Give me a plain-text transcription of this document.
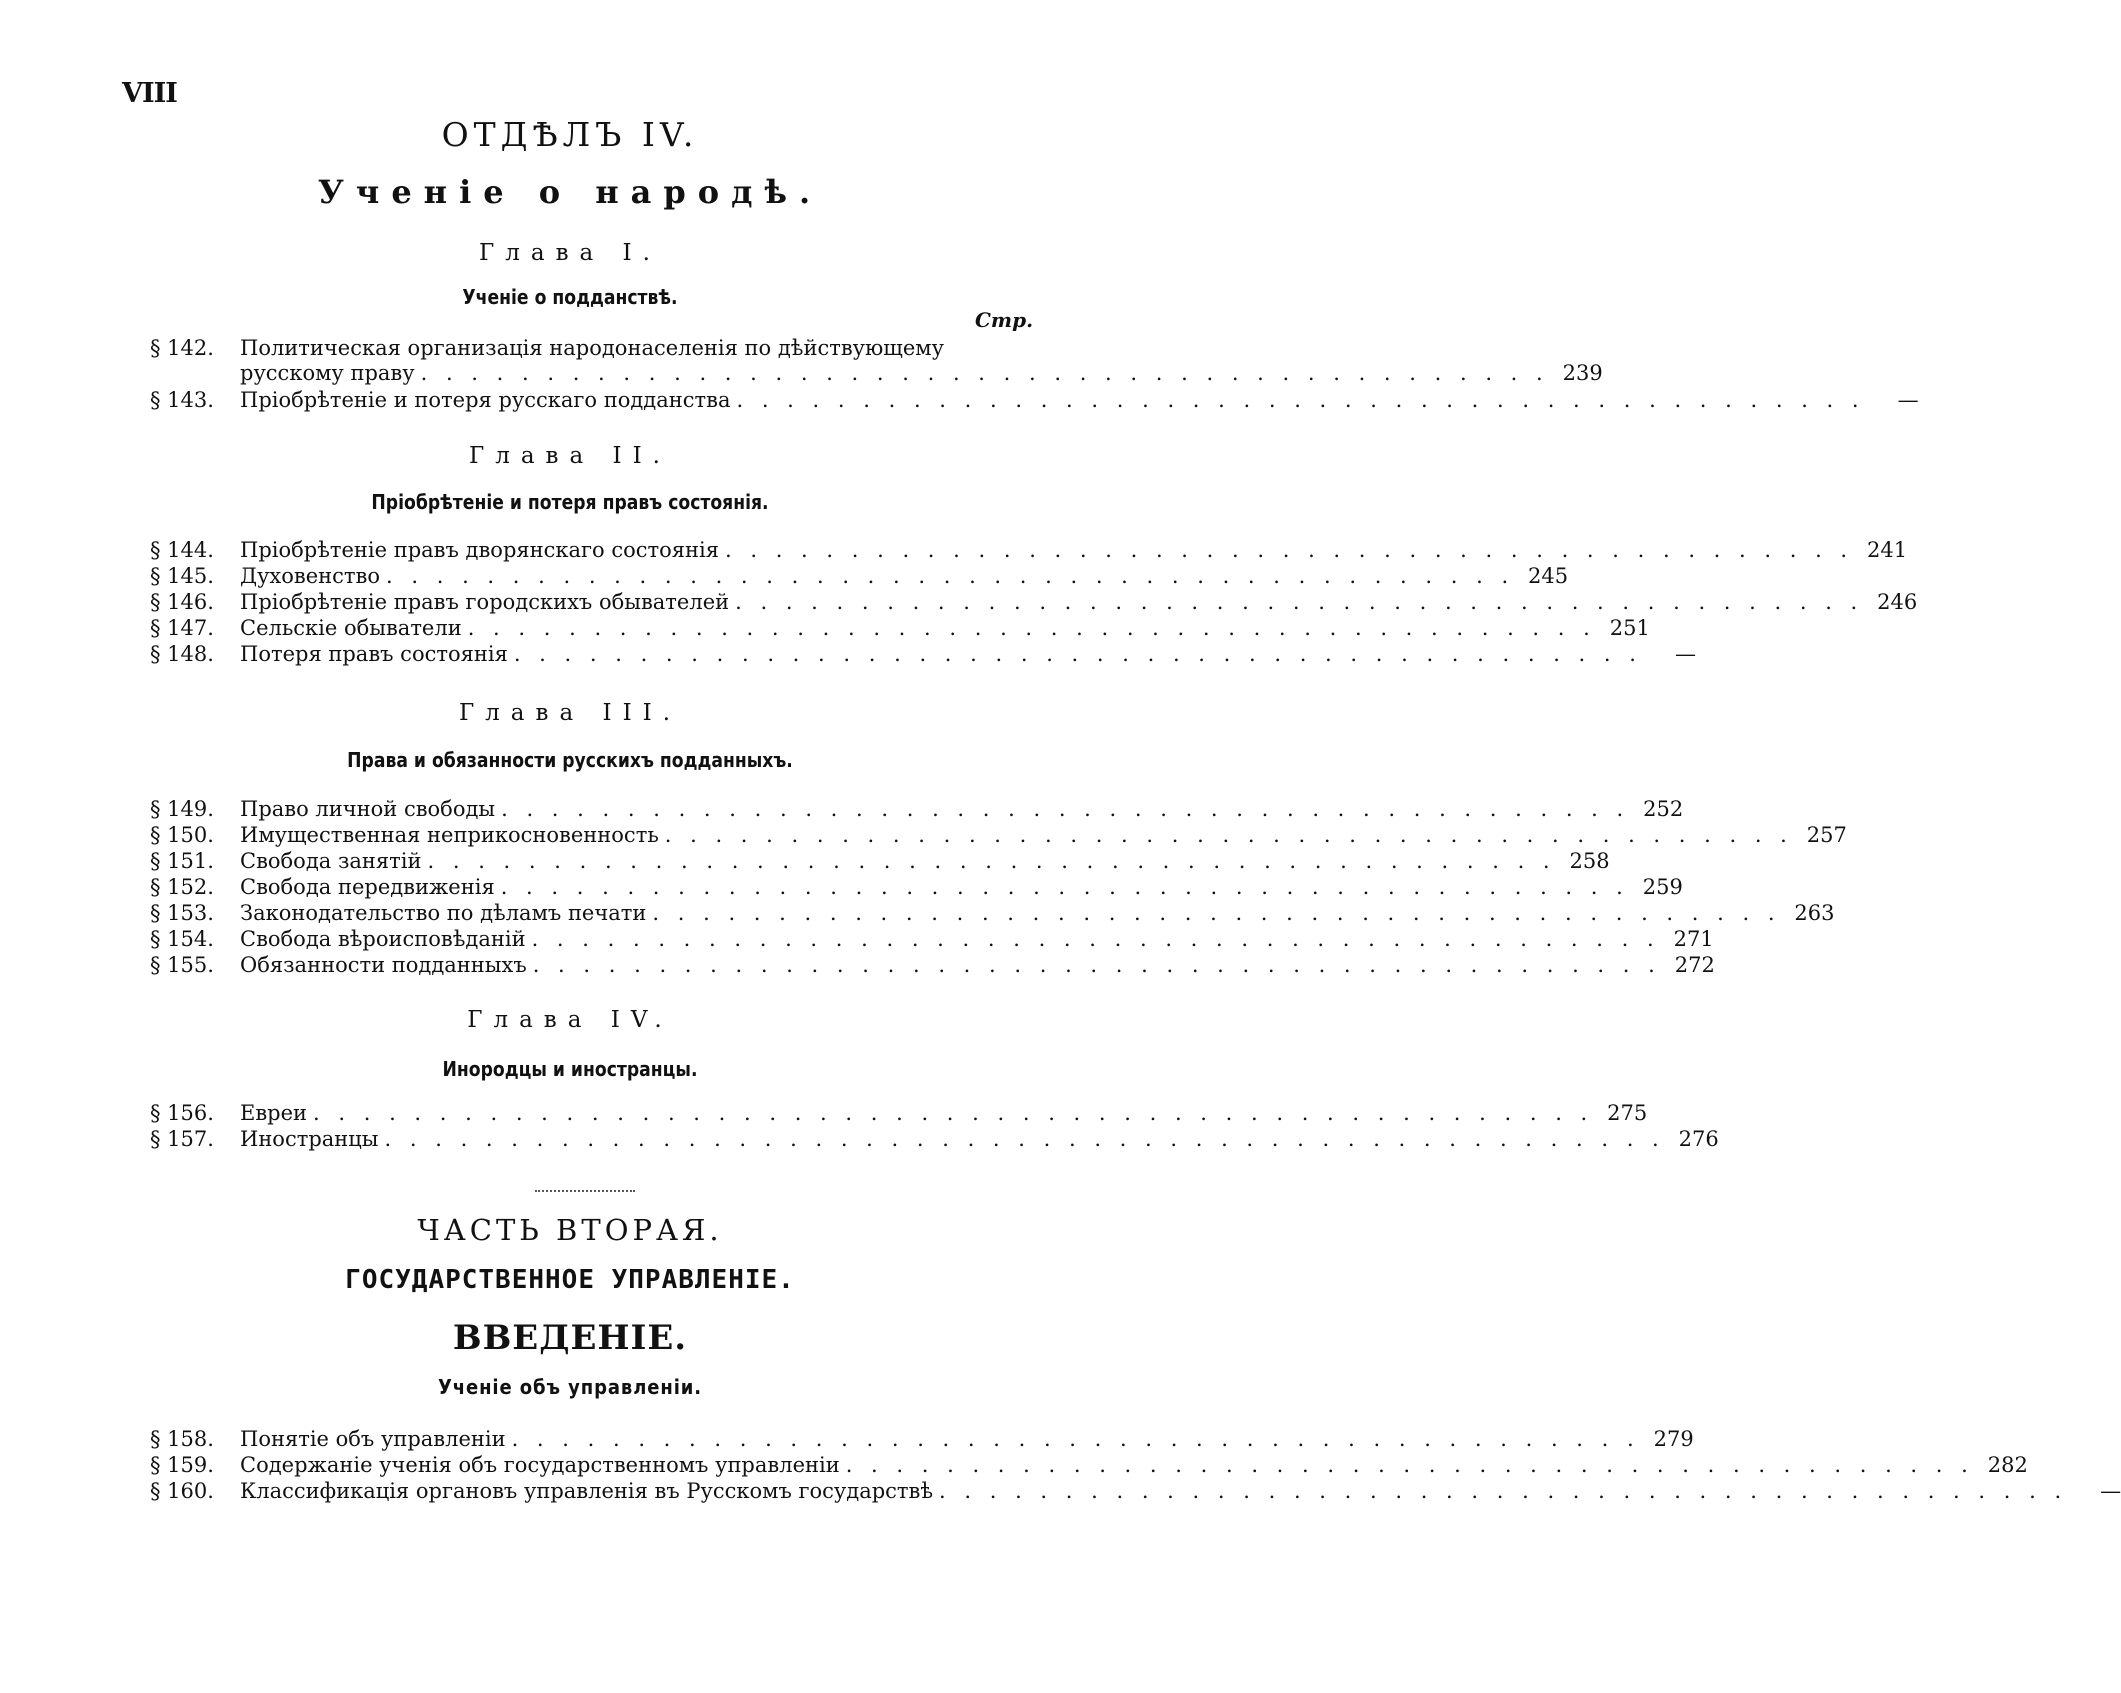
VIII
ОТДѢЛЪ IV.
Ученіе о народѣ.
Глава I.
Ученіе о подданствѣ.
Стр.
§ 142.	Политическая организація народонаселенія по дѣйствующему
русскому праву . . . . . . . . . . . . . . . . . . . . . . . . . . . . . . . . . . . . . . . . . . . . . 239
§ 143.	Пріобрѣтеніе и потеря русскаго подданства . . . . . . . . . . . . . . . . . . . . . . . . . . . . . . . . . . . . . . . . . . . . .	—
Глава II.
Пріобрѣтеніе и потеря правъ состоянія.
§ 144.	Пріобрѣтеніе правъ дворянскаго состоянія . . . . . . . . . . . . . . . . . . . . . . . . . . . . . . . . . . . . . . . . . . . . . 241
§ 145.	Духовенство . . . . . . . . . . . . . . . . . . . . . . . . . . . . . . . . . . . . . . . . . . . . . 245
§ 146.	Пріобрѣтеніе правъ городскихъ обывателей . . . . . . . . . . . . . . . . . . . . . . . . . . . . . . . . . . . . . . . . . . . . . 246
§ 147.	Сельскіе обыватели . . . . . . . . . . . . . . . . . . . . . . . . . . . . . . . . . . . . . . . . . . . . . 251
§ 148.	Потеря правъ состоянія . . . . . . . . . . . . . . . . . . . . . . . . . . . . . . . . . . . . . . . . . . . . .	—
Глава III.
Права и обязанности русскихъ подданныхъ.
§ 149.	Право личной свободы . . . . . . . . . . . . . . . . . . . . . . . . . . . . . . . . . . . . . . . . . . . . . 252
§ 150.	Имущественная неприкосновенность . . . . . . . . . . . . . . . . . . . . . . . . . . . . . . . . . . . . . . . . . . . . . 257
§ 151.	Свобода занятій . . . . . . . . . . . . . . . . . . . . . . . . . . . . . . . . . . . . . . . . . . . . . 258
§ 152.	Свобода передвиженія . . . . . . . . . . . . . . . . . . . . . . . . . . . . . . . . . . . . . . . . . . . . . 259
§ 153.	Законодательство по дѣламъ печати . . . . . . . . . . . . . . . . . . . . . . . . . . . . . . . . . . . . . . . . . . . . . 263
§ 154.	Свобода вѣроисповѣданій . . . . . . . . . . . . . . . . . . . . . . . . . . . . . . . . . . . . . . . . . . . . . 271
§ 155.	Обязанности подданныхъ . . . . . . . . . . . . . . . . . . . . . . . . . . . . . . . . . . . . . . . . . . . . . 272
Глава IV.
Инородцы и иностранцы.
§ 156.	Евреи . . . . . . . . . . . . . . . . . . . . . . . . . . . . . . . . . . . . . . . . . . . . . . . . . . . 275
§ 157.	Иностранцы . . . . . . . . . . . . . . . . . . . . . . . . . . . . . . . . . . . . . . . . . . . . . . . . . . . 276
ЧАСТЬ ВТОРАЯ.
ГОСУДАРСТВЕННОЕ УПРАВЛЕНІЕ.
ВВЕДЕНІЕ.
Ученіе объ управленіи.
§ 158.	Понятіе объ управленіи . . . . . . . . . . . . . . . . . . . . . . . . . . . . . . . . . . . . . . . . . . . . . 279
§ 159.	Содержаніе ученія объ государственномъ управленіи . . . . . . . . . . . . . . . . . . . . . . . . . . . . . . . . . . . . . . . . . . . . . 282
§ 160.	Классификація органовъ управленія въ Русскомъ государствѣ . . . . . . . . . . . . . . . . . . . . . . . . . . . . . . . . . . . . . . . . . . . . .	—
